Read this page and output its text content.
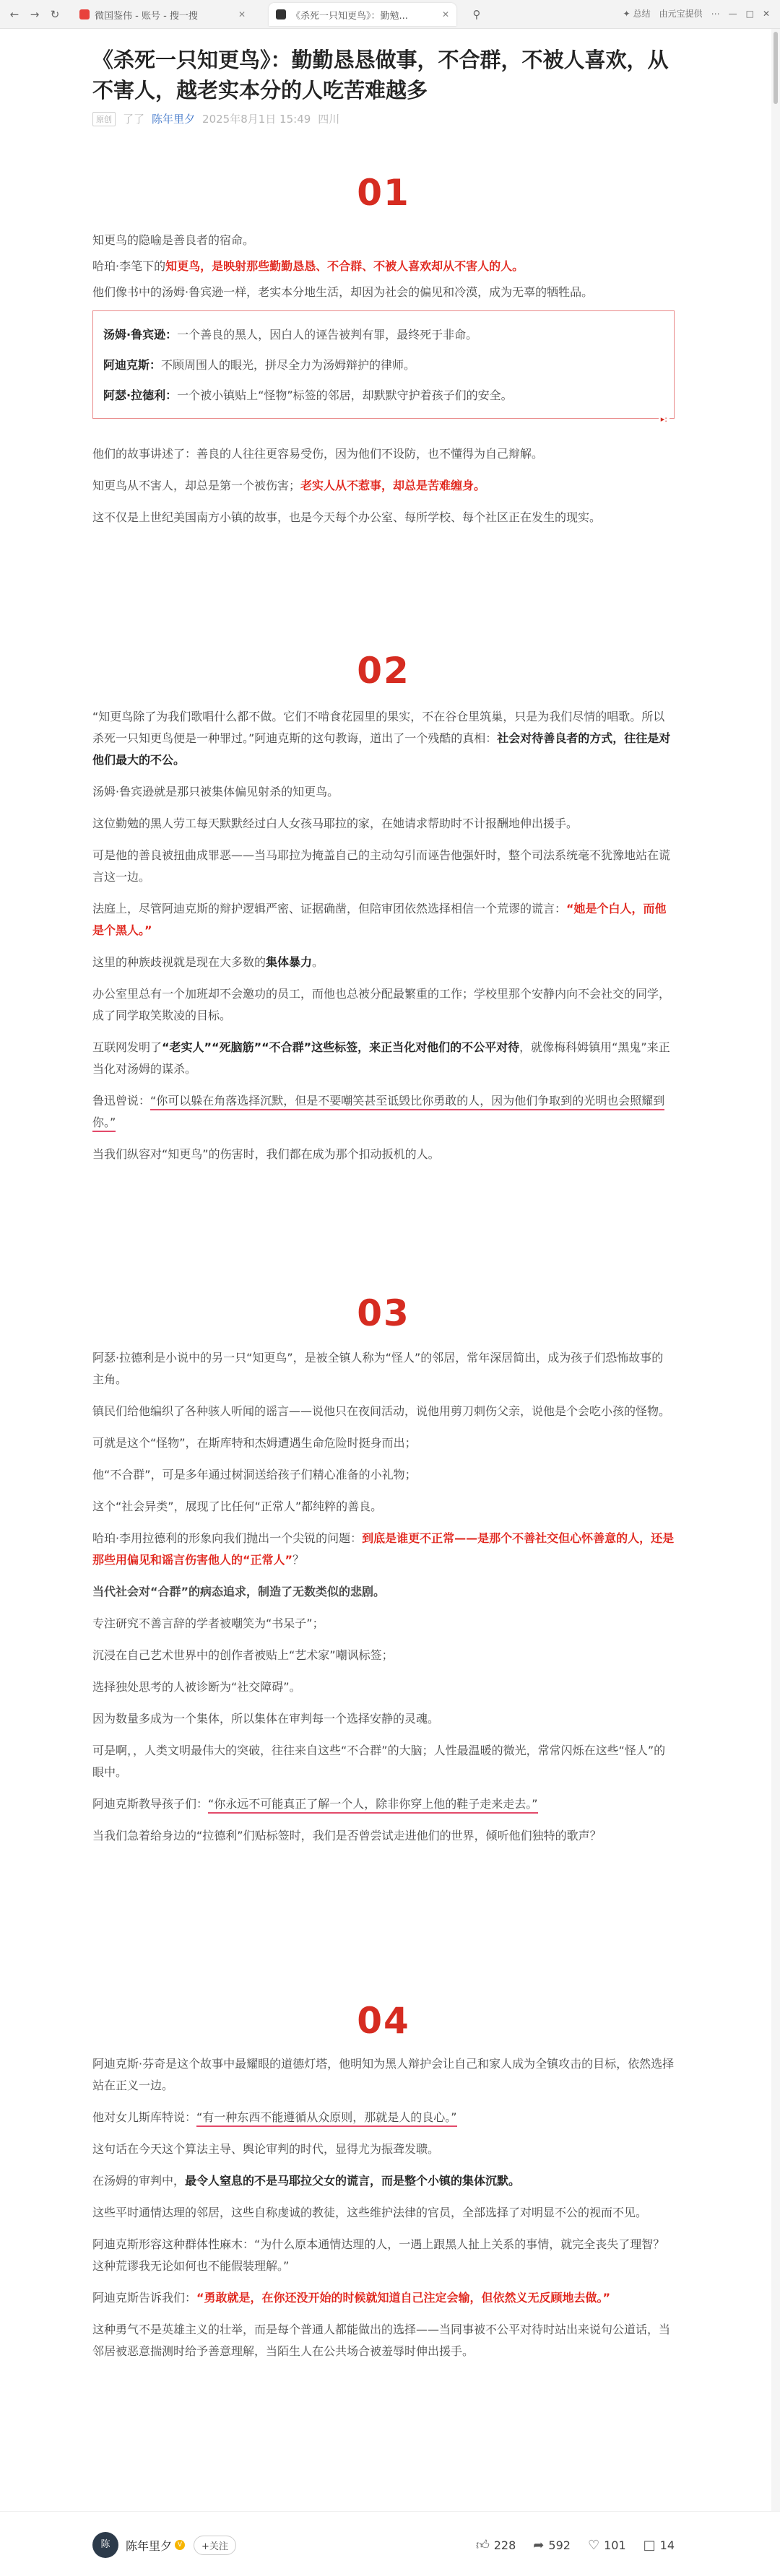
←	→	↻	微国鉴伟 - 账号 - 搜一搜	✕	《杀死一只知更鸟》：勤勉...	✕	⚲	✦ 总结 由元宝提供 ⋯ — □ ✕
《杀死一只知更鸟》：勤勤恳恳做事，不合群，不被人喜欢，从不害人，越老实本分的人吃苦难越多
原创	了了 陈年里夕 2025年8月1日 15:49 四川
01

知更鸟的隐喻是善良者的宿命。

哈珀·李笔下的知更鸟，是映射那些勤勤恳恳、不合群、不被人喜欢却从不害人的人。

他们像书中的汤姆·鲁宾逊一样，老实本分地生活，却因为社会的偏见和冷漠，成为无辜的牺牲品。

汤姆·鲁宾逊：一个善良的黑人，因白人的诬告被判有罪，最终死于非命。
阿迪克斯：不顾周围人的眼光，拼尽全力为汤姆辩护的律师。
阿瑟·拉德利：一个被小镇贴上“怪物”标签的邻居，却默默守护着孩子们的安全。
▸:

他们的故事讲述了：善良的人往往更容易受伤，因为他们不设防，也不懂得为自己辩解。

知更鸟从不害人，却总是第一个被伤害；老实人从不惹事，却总是苦难缠身。

这不仅是上世纪美国南方小镇的故事，也是今天每个办公室、每所学校、每个社区正在发生的现实。

02

“知更鸟除了为我们歌唱什么都不做。它们不啃食花园里的果实，不在谷仓里筑巢，只是为我们尽情的唱歌。所以杀死一只知更鸟便是一种罪过。”阿迪克斯的这句教诲，道出了一个残酷的真相：社会对待善良者的方式，往往是对他们最大的不公。

汤姆·鲁宾逊就是那只被集体偏见射杀的知更鸟。

这位勤勉的黑人劳工每天默默经过白人女孩马耶拉的家，在她请求帮助时不计报酬地伸出援手。

可是他的善良被扭曲成罪恶——当马耶拉为掩盖自己的主动勾引而诬告他强奸时，整个司法系统毫不犹豫地站在谎言这一边。

法庭上，尽管阿迪克斯的辩护逻辑严密、证据确凿，但陪审团依然选择相信一个荒谬的谎言：“她是个白人，而他是个黑人。”

这里的种族歧视就是现在大多数的集体暴力。

办公室里总有一个加班却不会邀功的员工，而他也总被分配最繁重的工作；学校里那个安静内向不会社交的同学，成了同学取笑欺凌的目标。

互联网发明了“老实人”“死脑筋”“不合群”这些标签，来正当化对他们的不公平对待，就像梅科姆镇用“黑鬼”来正当化对汤姆的谋杀。

鲁迅曾说：“你可以躲在角落选择沉默，但是不要嘲笑甚至诋毁比你勇敢的人，因为他们争取到的光明也会照耀到你。”

当我们纵容对“知更鸟”的伤害时，我们都在成为那个扣动扳机的人。

03

阿瑟·拉德利是小说中的另一只“知更鸟”，是被全镇人称为“怪人”的邻居，常年深居简出，成为孩子们恐怖故事的主角。

镇民们给他编织了各种骇人听闻的谣言——说他只在夜间活动，说他用剪刀刺伤父亲，说他是个会吃小孩的怪物。

可就是这个“怪物”，在斯库特和杰姆遭遇生命危险时挺身而出；

他“不合群”，可是多年通过树洞送给孩子们精心准备的小礼物；

这个“社会异类”，展现了比任何“正常人”都纯粹的善良。

哈珀·李用拉德利的形象向我们抛出一个尖锐的问题：到底是谁更不正常——是那个不善社交但心怀善意的人，还是那些用偏见和谣言伤害他人的“正常人”？

当代社会对“合群”的病态追求，制造了无数类似的悲剧。

专注研究不善言辞的学者被嘲笑为“书呆子”；

沉浸在自己艺术世界中的创作者被贴上“艺术家”嘲讽标签；

选择独处思考的人被诊断为“社交障碍”。

因为数量多成为一个集体，所以集体在审判每一个选择安静的灵魂。

可是啊，，人类文明最伟大的突破，往往来自这些“不合群”的大脑；人性最温暖的微光，常常闪烁在这些“怪人”的眼中。

阿迪克斯教导孩子们：“你永远不可能真正了解一个人，除非你穿上他的鞋子走来走去。”

当我们急着给身边的“拉德利”们贴标签时，我们是否曾尝试走进他们的世界，倾听他们独特的歌声？

04

阿迪克斯·芬奇是这个故事中最耀眼的道德灯塔，他明知为黑人辩护会让自己和家人成为全镇攻击的目标，依然选择站在正义一边。

他对女儿斯库特说：“有一种东西不能遵循从众原则，那就是人的良心。”

这句话在今天这个算法主导、舆论审判的时代，显得尤为振聋发聩。

在汤姆的审判中，最令人窒息的不是马耶拉父女的谎言，而是整个小镇的集体沉默。

这些平时通情达理的邻居，这些自称虔诚的教徒，这些维护法律的官员，全部选择了对明显不公的视而不见。

阿迪克斯形容这种群体性麻木：“为什么原本通情达理的人，一遇上跟黑人扯上关系的事情，就完全丧失了理智？这种荒谬我无论如何也不能假装理解。”

阿迪克斯告诉我们：“勇敢就是，在你还没开始的时候就知道自己注定会输，但依然义无反顾地去做。”

这种勇气不是英雄主义的壮举，而是每个普通人都能做出的选择——当同事被不公平对待时站出来说句公道话，当邻居被恶意揣测时给予善意理解，当陌生人在公共场合被羞辱时伸出援手。

陈	陈年里夕 V	+关注	👍︎ 228 ➦ 592 ♡ 101 □ 14
